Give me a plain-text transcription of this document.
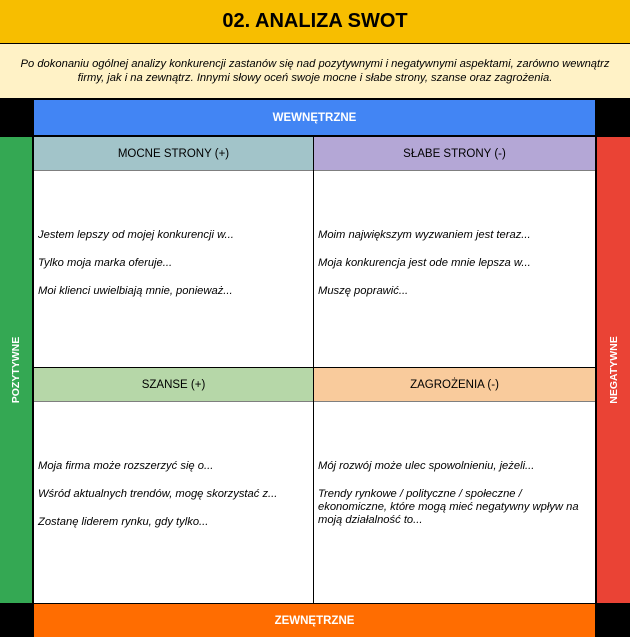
02. ANALIZA SWOT
Po dokonaniu ogólnej analizy konkurencji zastanów się nad pozytywnymi i negatywnymi aspektami, zarówno wewnątrz firmy, jak i na zewnątrz. Innymi słowy oceń swoje mocne i słabe strony, szanse oraz zagrożenia.
WEWNĘTRZNE
POZYTYWNE	NEGATYWNE
MOCNE STRONY (+)
Jestem lepszy od mojej konkurencji w...
Tylko moja marka oferuje...
Moi klienci uwielbiają mnie, ponieważ...
SŁABE STRONY (-)
Moim największym wyzwaniem jest teraz...
Moja konkurencja jest ode mnie lepsza w...
Muszę poprawić...
SZANSE (+)
Moja firma może rozszerzyć się o...
Wśród aktualnych trendów, mogę skorzystać z...
Zostanę liderem rynku, gdy tylko...
ZAGROŻENIA (-)
Mój rozwój może ulec spowolnieniu, jeżeli...
Trendy rynkowe / polityczne / społeczne / ekonomiczne, które mogą mieć negatywny wpływ na moją działalność to...
ZEWNĘTRZNE
